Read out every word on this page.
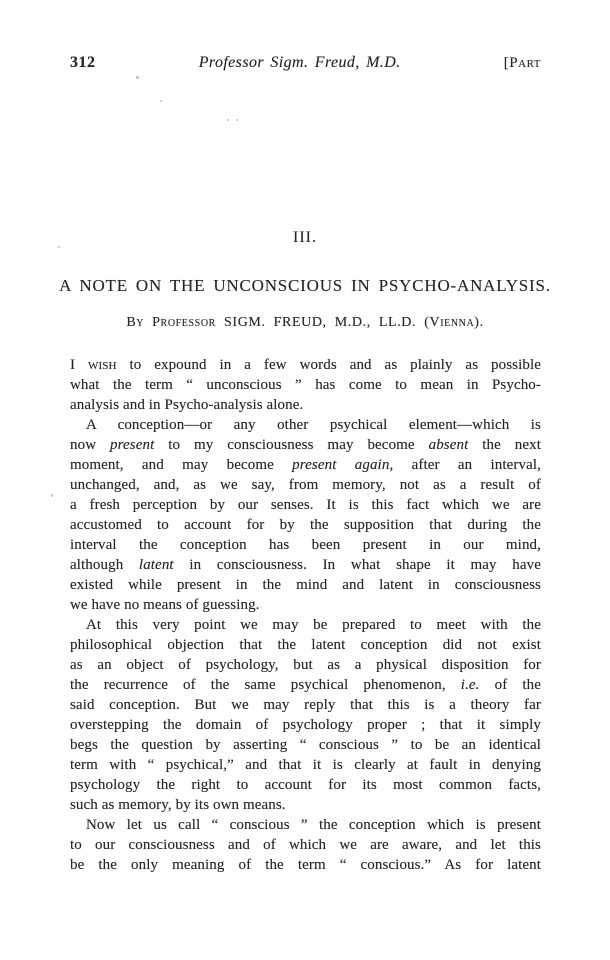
312	Professor Sigm. Freud, M.D.	[Part
III.
A NOTE ON THE UNCONSCIOUS IN PSYCHO-ANALYSIS.
By Professor SIGM. FREUD, M.D., LL.D. (Vienna).
I wish to expound in a few words and as plainly as possible
what the term “ unconscious ” has come to mean in Psycho-
analysis and in Psycho-analysis alone.
A conception—or any other psychical element—which is
now present to my consciousness may become absent the next
moment, and may become present again, after an interval,
unchanged, and, as we say, from memory, not as a result of
a fresh perception by our senses. It is this fact which we are
accustomed to account for by the supposition that during the
interval the conception has been present in our mind,
although latent in consciousness. In what shape it may have
existed while present in the mind and latent in consciousness
we have no means of guessing.
At this very point we may be prepared to meet with the
philosophical objection that the latent conception did not exist
as an object of psychology, but as a physical disposition for
the recurrence of the same psychical phenomenon, i.e. of the
said conception. But we may reply that this is a theory far
overstepping the domain of psychology proper ; that it simply
begs the question by asserting “ conscious ” to be an identical
term with “ psychical,” and that it is clearly at fault in denying
psychology the right to account for its most common facts,
such as memory, by its own means.
Now let us call “ conscious ” the conception which is present
to our consciousness and of which we are aware, and let this
be the only meaning of the term “ conscious.” As for latent
